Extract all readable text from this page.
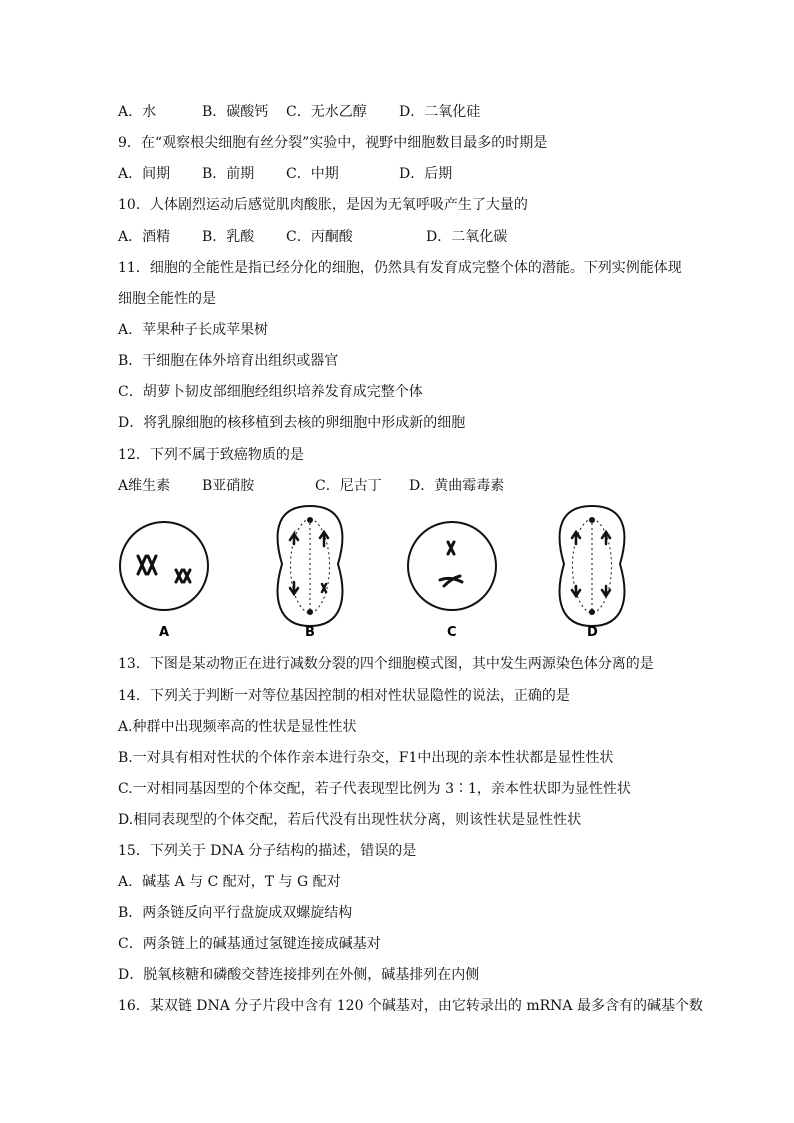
A．水	B．碳酸钙 C．无水乙醇 D．二氧化硅
9．在“观察根尖细胞有丝分裂”实验中，视野中细胞数目最多的时期是
A．间期 B．前期 C．中期	D．后期
10．人体剧烈运动后感觉肌肉酸胀，是因为无氧呼吸产生了大量的
A．酒精 B．乳酸 C．丙酮酸	D．二氧化碳
11．细胞的全能性是指已经分化的细胞，仍然具有发育成完整个体的潜能。下列实例能体现
细胞全能性的是
A．苹果种子长成苹果树
B．干细胞在体外培育出组织或器官
C．胡萝卜韧皮部细胞经组织培养发育成完整个体
D．将乳腺细胞的核移植到去核的卵细胞中形成新的细胞
12．下列不属于致癌物质的是
A维生素 B亚硝胺	C．尼古丁 D．黄曲霉毒素
A	B	C	D
13．下图是某动物正在进行减数分裂的四个细胞模式图，其中发生两源染色体分离的是
14．下列关于判断一对等位基因控制的相对性状显隐性的说法，正确的是
A.种群中出现频率高的性状是显性性状
B.一对具有相对性状的个体作亲本进行杂交，F1中出现的亲本性状都是显性性状
C.一对相同基因型的个体交配，若子代表现型比例为 3∶1，亲本性状即为显性性状
D.相同表现型的个体交配，若后代没有出现性状分离，则该性状是显性性状
15．下列关于 DNA 分子结构的描述，错误的是
A．碱基 A 与 C 配对，T 与 G 配对
B．两条链反向平行盘旋成双螺旋结构
C．两条链上的碱基通过氢键连接成碱基对
D．脱氧核糖和磷酸交替连接排列在外侧，碱基排列在内侧
16．某双链 DNA 分子片段中含有 120 个碱基对，由它转录出的 mRNA 最多含有的碱基个数
